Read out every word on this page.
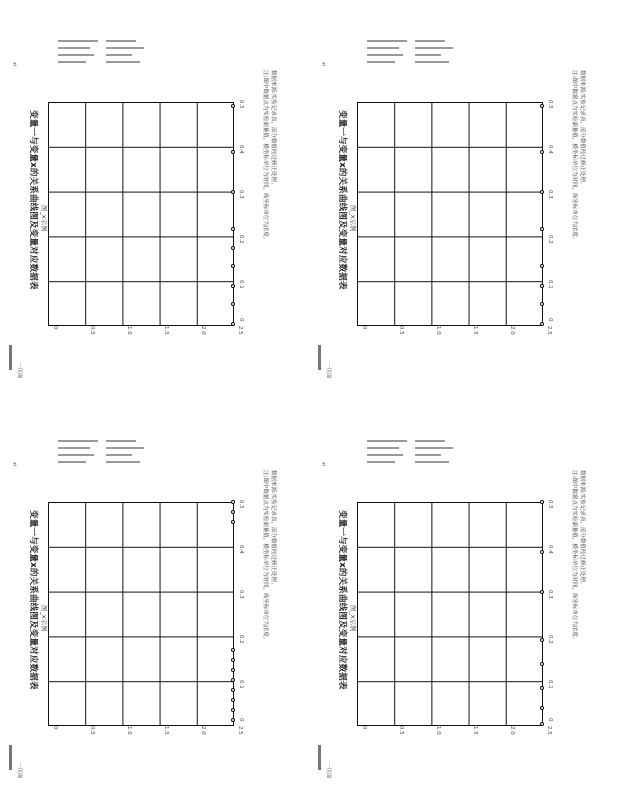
变量一与变量x的关系曲线图及变量对应数据表 图_x示例	注:图中数据点为实验测量值，横坐标单位为时间，纵坐标单位为浓度。 数据来源:实验记录表，部分数值经过修正处理。
↵
一页面
0	0.5	1.0	1.5	2.0	2.5
0
0.1
0.2
0.3
0.4
0.5
变量一与变量x的关系曲线图及变量对应数据表 图_x示例	注:图中数据点为实验测量值，横坐标单位为时间，纵坐标单位为浓度。 数据来源:实验记录表，部分数值经过修正处理。
↵
一页面
0	0.5	1.0	1.5	2.0	2.5
0
0.1
0.2
0.3
0.4
0.5
变量一与变量x的关系曲线图及变量对应数据表 图_x示例	注:图中数据点为实验测量值，横坐标单位为时间，纵坐标单位为浓度。 数据来源:实验记录表，部分数值经过修正处理。
↵
一页面
0	0.5	1.0	1.5	2.0	2.5
0
0.1
0.2
0.3
0.4
0.5
变量一与变量x的关系曲线图及变量对应数据表 图_x示例	注:图中数据点为实验测量值，横坐标单位为时间，纵坐标单位为浓度。 数据来源:实验记录表，部分数值经过修正处理。
↵
一页面
0	0.5	1.0	1.5	2.0	2.5
0
0.1
0.2
0.3
0.4
0.5
